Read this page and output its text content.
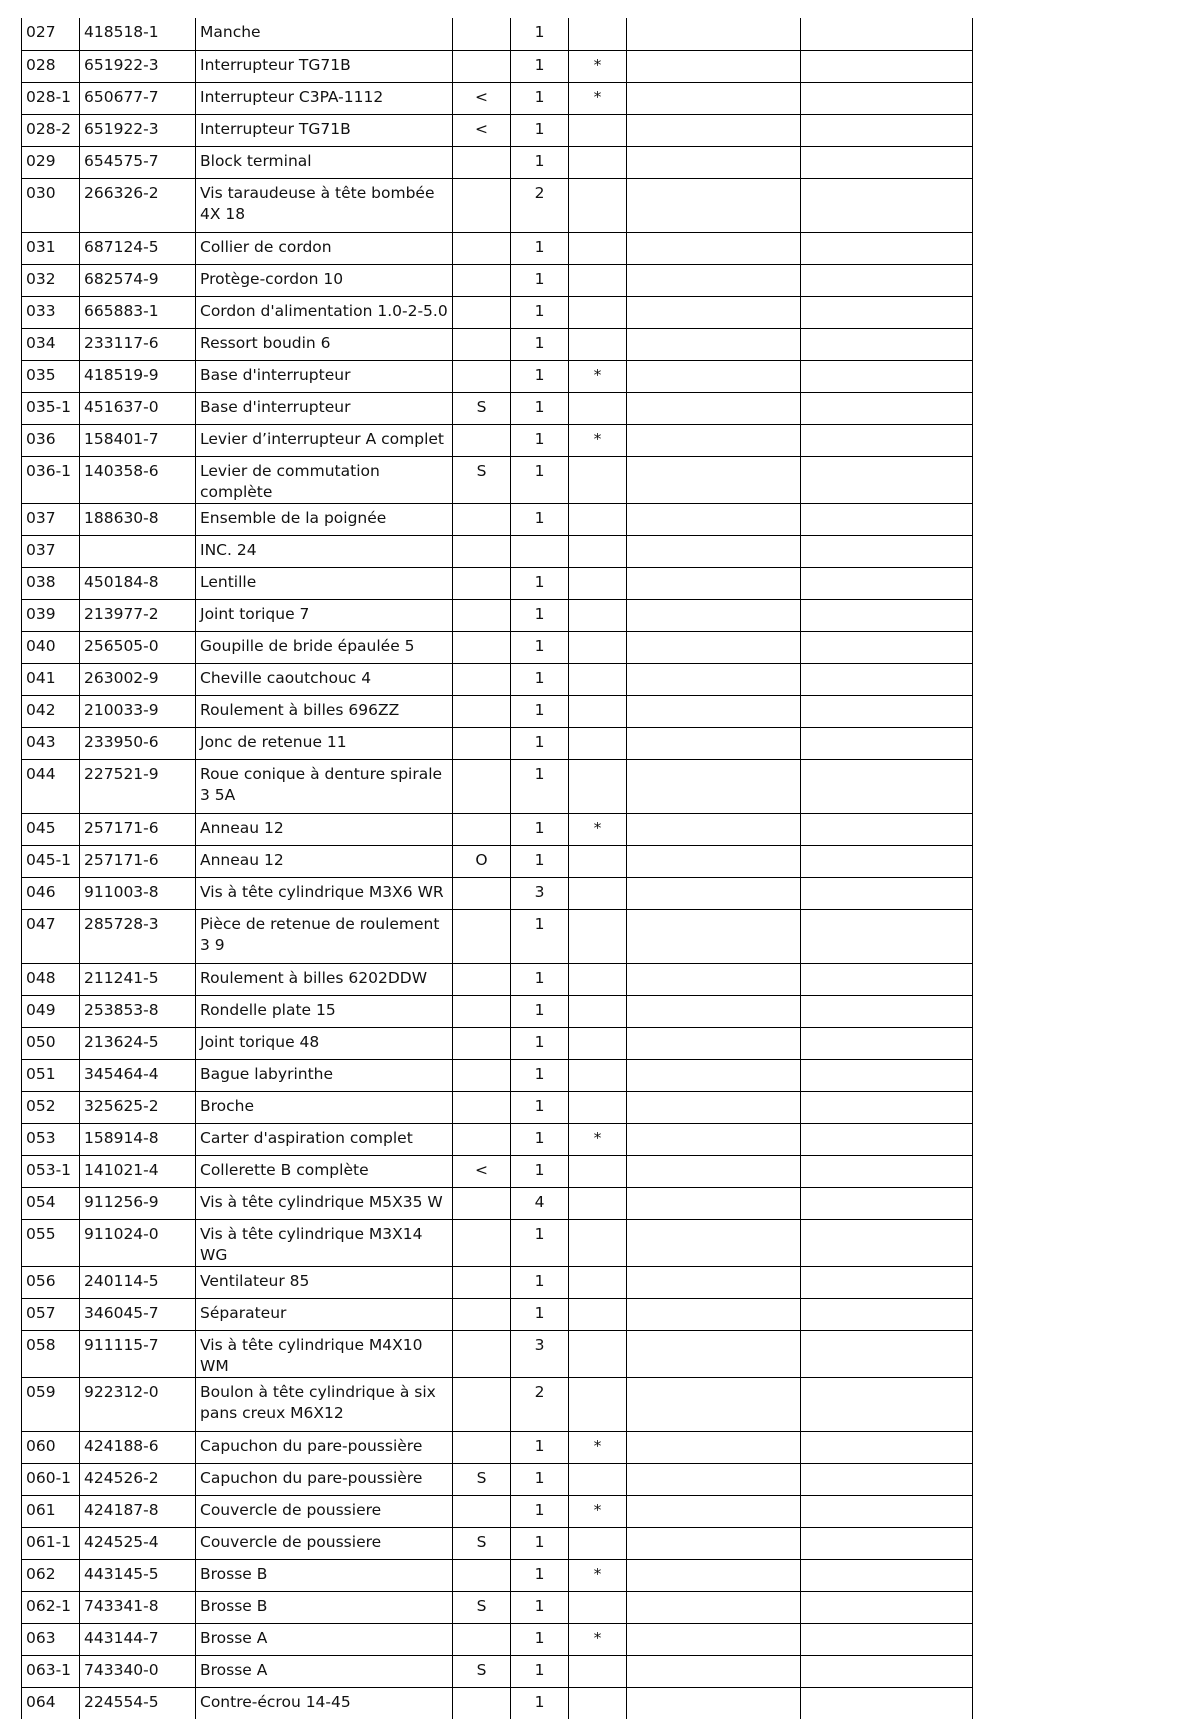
027	418518-1	Manche		1			
028	651922-3	Interrupteur TG71B		1	*		
028-1	650677-7	Interrupteur C3PA-1112	<	1	*		
028-2	651922-3	Interrupteur TG71B	<	1			
029	654575-7	Block terminal		1			
030	266326-2	Vis taraudeuse à tête bombée 4X 18		2			
031	687124-5	Collier de cordon		1			
032	682574-9	Protège-cordon 10		1			
033	665883-1	Cordon d'alimentation 1.0-2-5.0		1			
034	233117-6	Ressort boudin 6		1			
035	418519-9	Base d'interrupteur		1	*		
035-1	451637-0	Base d'interrupteur	S	1			
036	158401-7	Levier d’interrupteur A complet		1	*		
036-1	140358-6	Levier de commutation complète	S	1			
037	188630-8	Ensemble de la poignée		1			
037		INC. 24					
038	450184-8	Lentille		1			
039	213977-2	Joint torique 7		1			
040	256505-0	Goupille de bride épaulée 5		1			
041	263002-9	Cheville caoutchouc 4		1			
042	210033-9	Roulement à billes 696ZZ		1			
043	233950-6	Jonc de retenue 11		1			
044	227521-9	Roue conique à denture spirale 3 5A		1			
045	257171-6	Anneau 12		1	*		
045-1	257171-6	Anneau 12	O	1			
046	911003-8	Vis à tête cylindrique M3X6 WR		3			
047	285728-3	Pièce de retenue de roulement 3 9		1			
048	211241-5	Roulement à billes 6202DDW		1			
049	253853-8	Rondelle plate 15		1			
050	213624-5	Joint torique 48		1			
051	345464-4	Bague labyrinthe		1			
052	325625-2	Broche		1			
053	158914-8	Carter d'aspiration complet		1	*		
053-1	141021-4	Collerette B complète	<	1			
054	911256-9	Vis à tête cylindrique M5X35 W		4			
055	911024-0	Vis à tête cylindrique M3X14 WG		1			
056	240114-5	Ventilateur 85		1			
057	346045-7	Séparateur		1			
058	911115-7	Vis à tête cylindrique M4X10 WM		3			
059	922312-0	Boulon à tête cylindrique à six pans creux M6X12		2			
060	424188-6	Capuchon du pare-poussière		1	*		
060-1	424526-2	Capuchon du pare-poussière	S	1			
061	424187-8	Couvercle de poussiere		1	*		
061-1	424525-4	Couvercle de poussiere	S	1			
062	443145-5	Brosse B		1	*		
062-1	743341-8	Brosse B	S	1			
063	443144-7	Brosse A		1	*		
063-1	743340-0	Brosse A	S	1			
064	224554-5	Contre-écrou 14-45		1			
